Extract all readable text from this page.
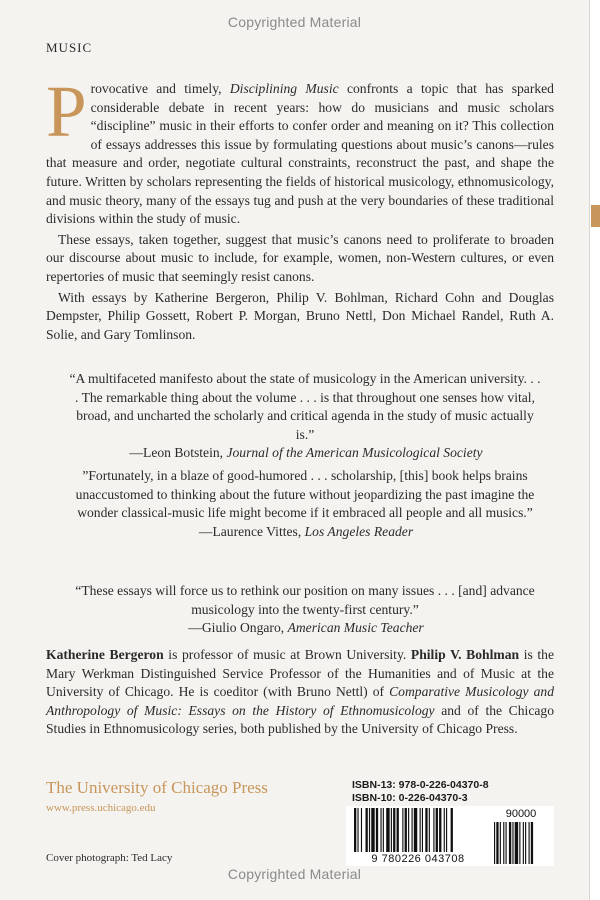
Copyrighted Material
MUSIC

Provocative and timely, Disciplining Music confronts a topic that has sparked considerable debate in recent years: how do musicians and music scholars “discipline” music in their efforts to confer order and meaning on it? This collection of essays addresses this issue by formulating questions about music’s canons—rules that measure and order, negotiate cultural constraints, reconstruct the past, and shape the future. Written by scholars representing the fields of historical musicology, ethnomusicology, and music theory, many of the essays tug and push at the very boundaries of these traditional divisions within the study of music.

These essays, taken together, suggest that music’s canons need to proliferate to broaden our discourse about music to include, for example, women, non-Western cultures, or even repertories of music that seemingly resist canons.

With essays by Katherine Bergeron, Philip V. Bohlman, Richard Cohn and Douglas Dempster, Philip Gossett, Robert P. Morgan, Bruno Nettl, Don Michael Randel, Ruth A. Solie, and Gary Tomlinson.

“A multifaceted manifesto about the state of musicology in the American university. . . . The remarkable thing about the volume . . . is that throughout one senses how vital, broad, and uncharted the scholarly and critical agenda in the study of music actually is.”

—Leon Botstein, Journal of the American Musicological Society

”Fortunately, in a blaze of good-humored . . . scholarship, [this] book helps brains unaccustomed to thinking about the future without jeopardizing the past imagine the wonder classical-music life might become if it embraced all people and all musics.”

—Laurence Vittes, Los Angeles Reader

“These essays will force us to rethink our position on many issues . . . [and] advance musicology into the twenty-first century.”

—Giulio Ongaro, American Music Teacher

Katherine Bergeron is professor of music at Brown University. Philip V. Bohlman is the Mary Werkman Distinguished Service Professor of the Humanities and of Music at the University of Chicago. He is coeditor (with Bruno Nettl) of Comparative Musicology and Anthropology of Music: Essays on the History of Ethnomusicology and of the Chicago Studies in Ethnomusicology series, both published by the University of Chicago Press.

The University of Chicago Press
www.press.uchicago.edu
Cover photograph: Ted Lacy
ISBN-13: 978-0-226-04370-8
ISBN-10: 0-226-04370-3
9 780226 043708
90000
Copyrighted Material
